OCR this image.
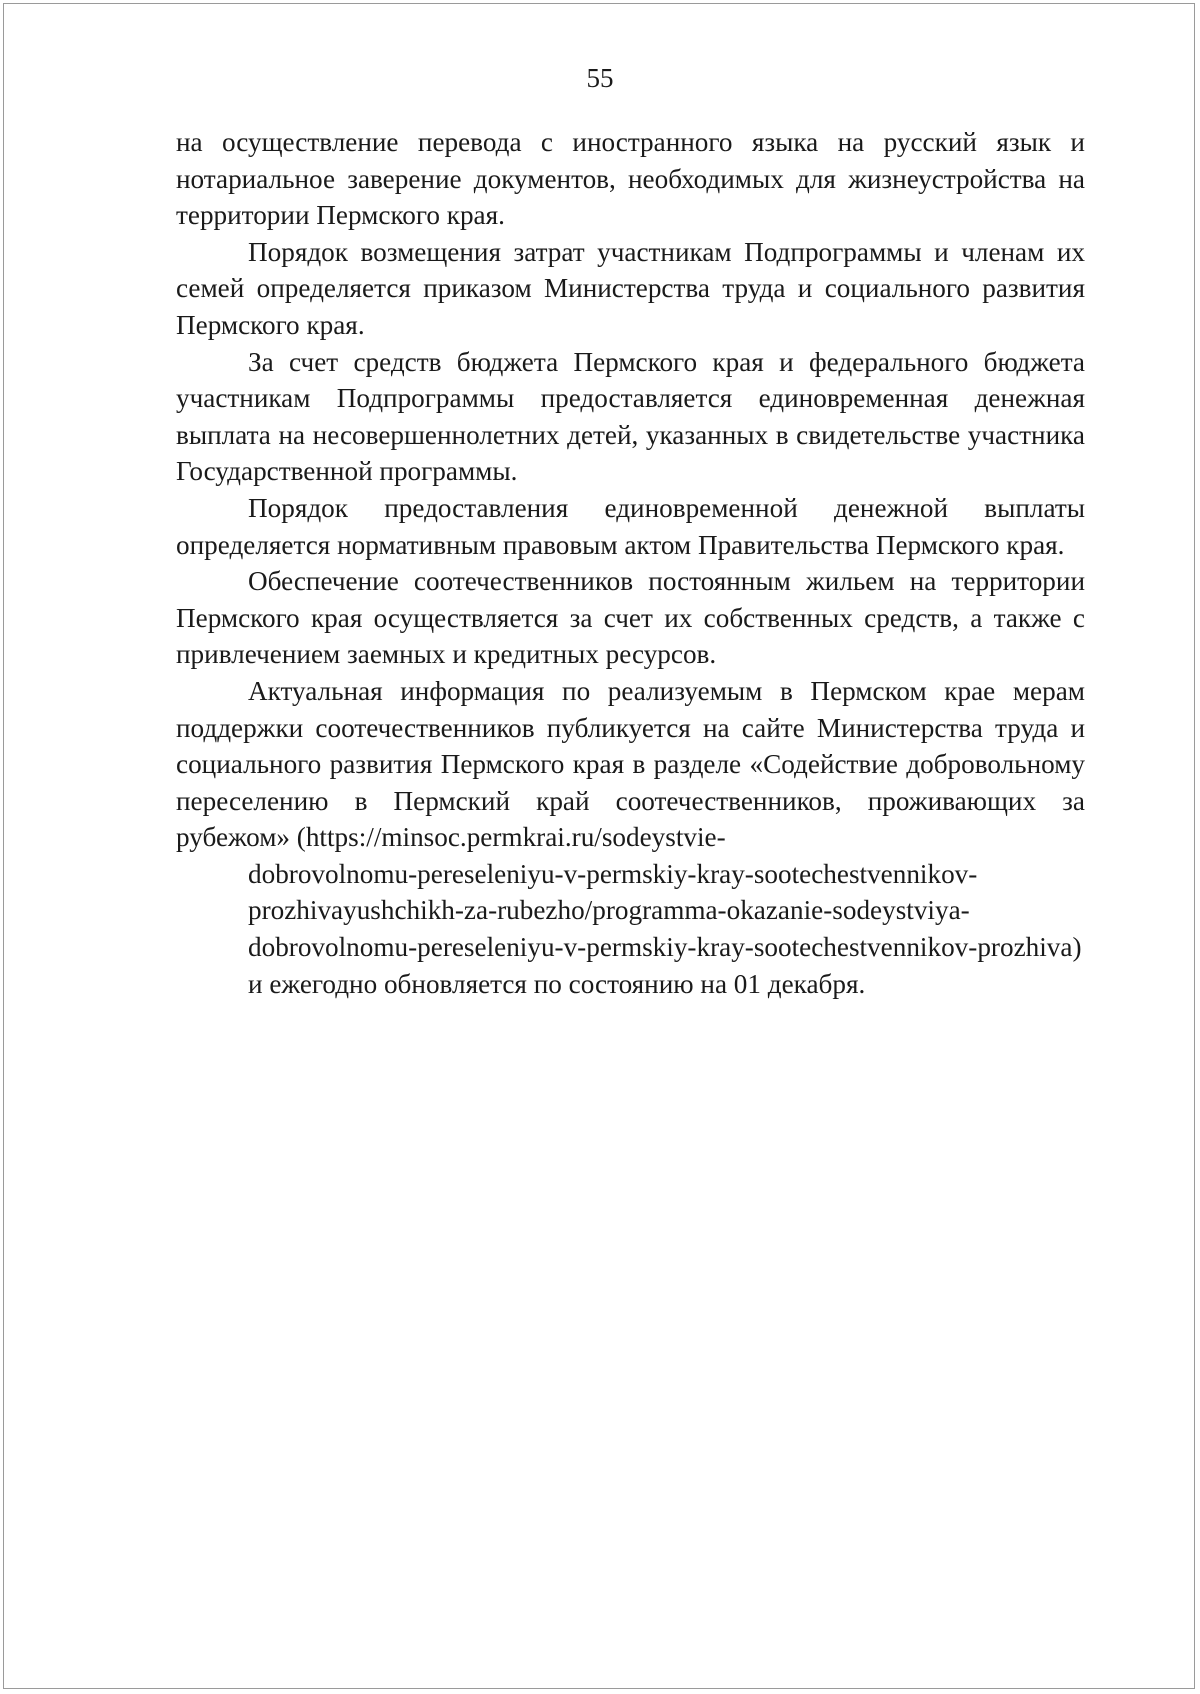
55

на осуществление перевода с иностранного языка на русский язык и нотариальное заверение документов, необходимых для жизнеустройства на территории Пермского края.

Порядок возмещения затрат участникам Подпрограммы и членам их семей определяется приказом Министерства труда и социального развития Пермского края.

За счет средств бюджета Пермского края и федерального бюджета участникам Подпрограммы предоставляется единовременная денежная выплата на несовершеннолетних детей, указанных в свидетельстве участника Государственной программы.

Порядок предоставления единовременной денежной выплаты определяется нормативным правовым актом Правительства Пермского края.

Обеспечение соотечественников постоянным жильем на территории Пермского края осуществляется за счет их собственных средств, а также с привлечением заемных и кредитных ресурсов.

Актуальная информация по реализуемым в Пермском крае мерам поддержки соотечественников публикуется на сайте Министерства труда и социального развития Пермского края в разделе «Содействие добровольному переселению в Пермский край соотечественников, проживающих за рубежом» (https://minsoc.permkrai.ru/sodeystvie-
dobrovolnomu-pereseleniyu-v-permskiy-kray-sootechestvennikov-
prozhivayushchikh-za-rubezho/programma-okazanie-sodeystviya-
dobrovolnomu-pereseleniyu-v-permskiy-kray-sootechestvennikov-prozhiva)
и ежегодно обновляется по состоянию на 01 декабря.
